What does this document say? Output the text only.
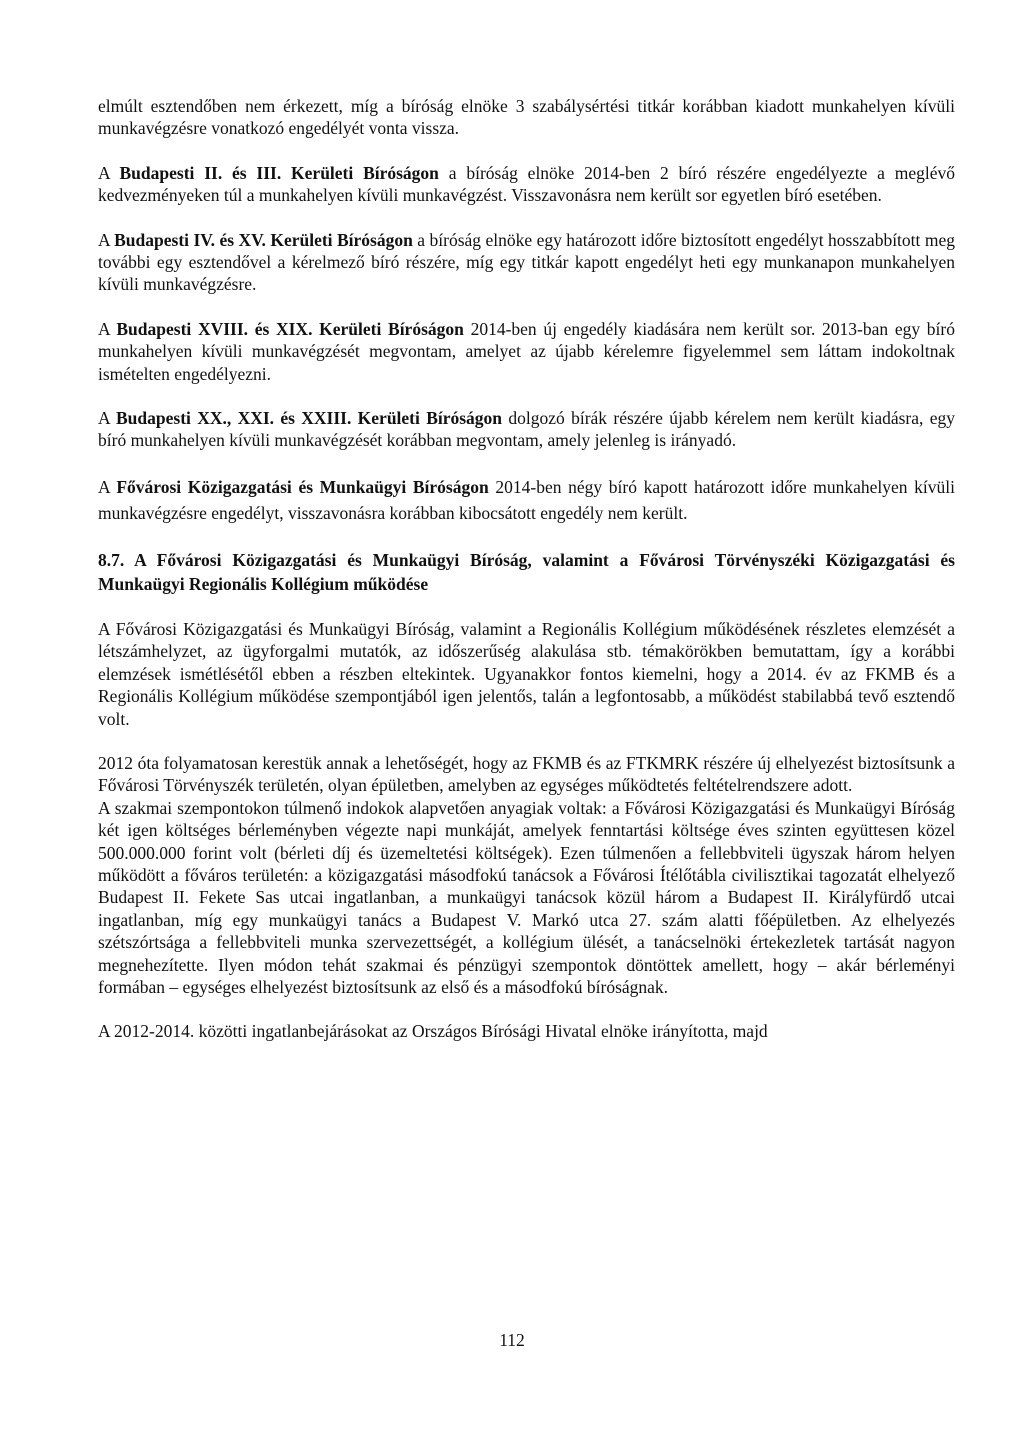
elmúlt esztendőben nem érkezett, míg a bíróság elnöke 3 szabálysértési titkár korábban kiadott munkahelyen kívüli munkavégzésre vonatkozó engedélyét vonta vissza.

A Budapesti II. és III. Kerületi Bíróságon a bíróság elnöke 2014-ben 2 bíró részére engedélyezte a meglévő kedvezményeken túl a munkahelyen kívüli munkavégzést. Visszavonásra nem került sor egyetlen bíró esetében.

A Budapesti IV. és XV. Kerületi Bíróságon a bíróság elnöke egy határozott időre biztosított engedélyt hosszabbított meg további egy esztendővel a kérelmező bíró részére, míg egy titkár kapott engedélyt heti egy munkanapon munkahelyen kívüli munkavégzésre.

A Budapesti XVIII. és XIX. Kerületi Bíróságon 2014-ben új engedély kiadására nem került sor. 2013-ban egy bíró munkahelyen kívüli munkavégzését megvontam, amelyet az újabb kérelemre figyelemmel sem láttam indokoltnak ismételten engedélyezni.

A Budapesti XX., XXI. és XXIII. Kerületi Bíróságon dolgozó bírák részére újabb kérelem nem került kiadásra, egy bíró munkahelyen kívüli munkavégzését korábban megvontam, amely jelenleg is irányadó.

A Fővárosi Közigazgatási és Munkaügyi Bíróságon 2014-ben négy bíró kapott határozott időre munkahelyen kívüli munkavégzésre engedélyt, visszavonásra korábban kibocsátott engedély nem került.

8.7. A Fővárosi Közigazgatási és Munkaügyi Bíróság, valamint a Fővárosi Törvényszéki Közigazgatási és Munkaügyi Regionális Kollégium működése

A Fővárosi Közigazgatási és Munkaügyi Bíróság, valamint a Regionális Kollégium működésének részletes elemzését a létszámhelyzet, az ügyforgalmi mutatók, az időszerűség alakulása stb. témakörökben bemutattam, így a korábbi elemzések ismétlésétől ebben a részben eltekintek. Ugyanakkor fontos kiemelni, hogy a 2014. év az FKMB és a Regionális Kollégium működése szempontjából igen jelentős, talán a legfontosabb, a működést stabilabbá tevő esztendő volt.

2012 óta folyamatosan kerestük annak a lehetőségét, hogy az FKMB és az FTKMRK részére új elhelyezést biztosítsunk a Fővárosi Törvényszék területén, olyan épületben, amelyben az egységes működtetés feltételrendszere adott.

A szakmai szempontokon túlmenő indokok alapvetően anyagiak voltak: a Fővárosi Közigazgatási és Munkaügyi Bíróság két igen költséges bérleményben végezte napi munkáját, amelyek fenntartási költsége éves szinten együttesen közel 500.000.000 forint volt (bérleti díj és üzemeltetési költségek). Ezen túlmenően a fellebbviteli ügyszak három helyen működött a főváros területén: a közigazgatási másodfokú tanácsok a Fővárosi Ítélőtábla civilisztikai tagozatát elhelyező Budapest II. Fekete Sas utcai ingatlanban, a munkaügyi tanácsok közül három a Budapest II. Királyfürdő utcai ingatlanban, míg egy munkaügyi tanács a Budapest V. Markó utca 27. szám alatti főépületben. Az elhelyezés szétszórtsága a fellebbviteli munka szervezettségét, a kollégium ülését, a tanácselnöki értekezletek tartását nagyon megnehezítette. Ilyen módon tehát szakmai és pénzügyi szempontok döntöttek amellett, hogy – akár bérleményi formában – egységes elhelyezést biztosítsunk az első és a másodfokú bíróságnak.

A 2012-2014. közötti ingatlanbejárásokat az Országos Bírósági Hivatal elnöke irányította, majd

112
